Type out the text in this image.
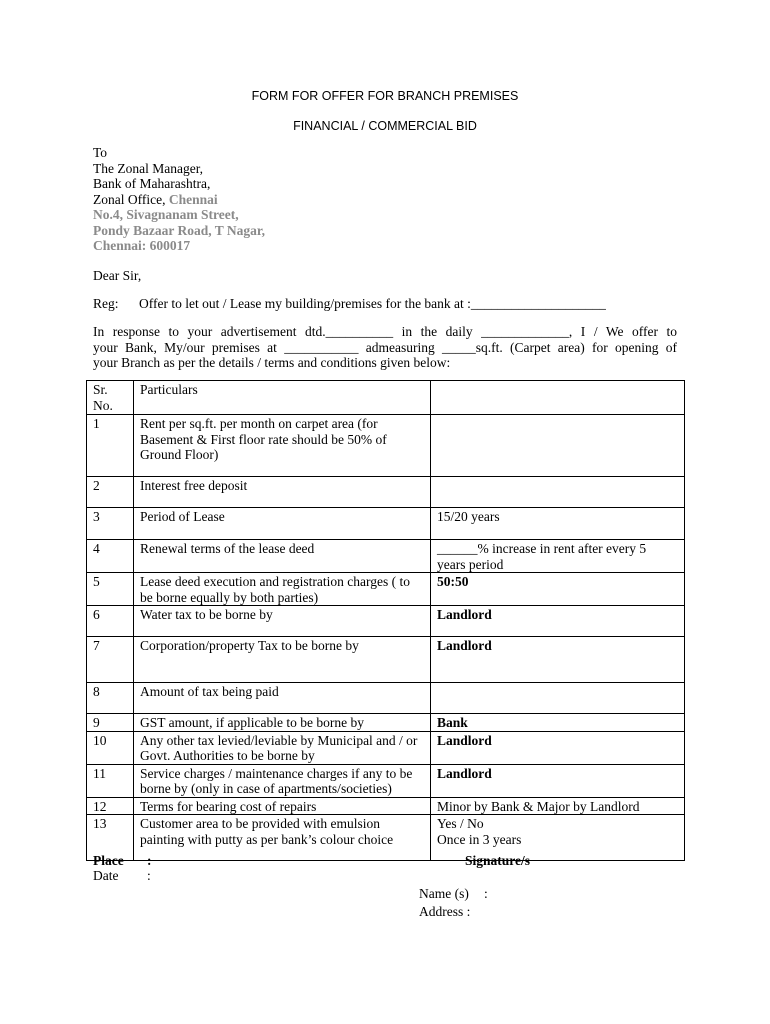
FORM FOR OFFER FOR BRANCH PREMISES
FINANCIAL / COMMERCIAL BID
To
The Zonal Manager,
Bank of Maharashtra,
Zonal Office, Chennai
No.4, Sivagnanam Street,
Pondy Bazaar Road, T Nagar,
Chennai: 600017
Dear Sir,
Reg: Offer to let out / Lease my building/premises for the bank at :____________________
In response to your advertisement dtd.__________ in the daily _____________, I / We offer to
your Bank, My/our premises at ___________ admeasuring _____sq.ft. (Carpet area) for opening of
your Branch as per the details / terms and conditions given below:
Sr. No.	Particulars	
1	Rent per sq.ft. per month on carpet area (for Basement & First floor rate should be 50% of Ground Floor)	
2	Interest free deposit	
3	Period of Lease	15/20 years
4	Renewal terms of the lease deed	______% increase in rent after every 5 years period
5	Lease deed execution and registration charges ( to be borne equally by both parties)	50:50
6	Water tax to be borne by	Landlord
7	Corporation/property Tax to be borne by	Landlord
8	Amount of tax being paid	
9	GST amount, if applicable to be borne by	Bank
10	Any other tax levied/leviable by Municipal and / or Govt. Authorities to be borne by	Landlord
11	Service charges / maintenance charges if any to be borne by (only in case of apartments/societies)	Landlord
12	Terms for bearing cost of repairs	Minor by Bank & Major by Landlord
13	Customer area to be provided with emulsion painting with putty as per bank’s colour choice	Yes / No
Once in 3 years
Place :
Date :
Signature/s
Name (s) :
Address :
